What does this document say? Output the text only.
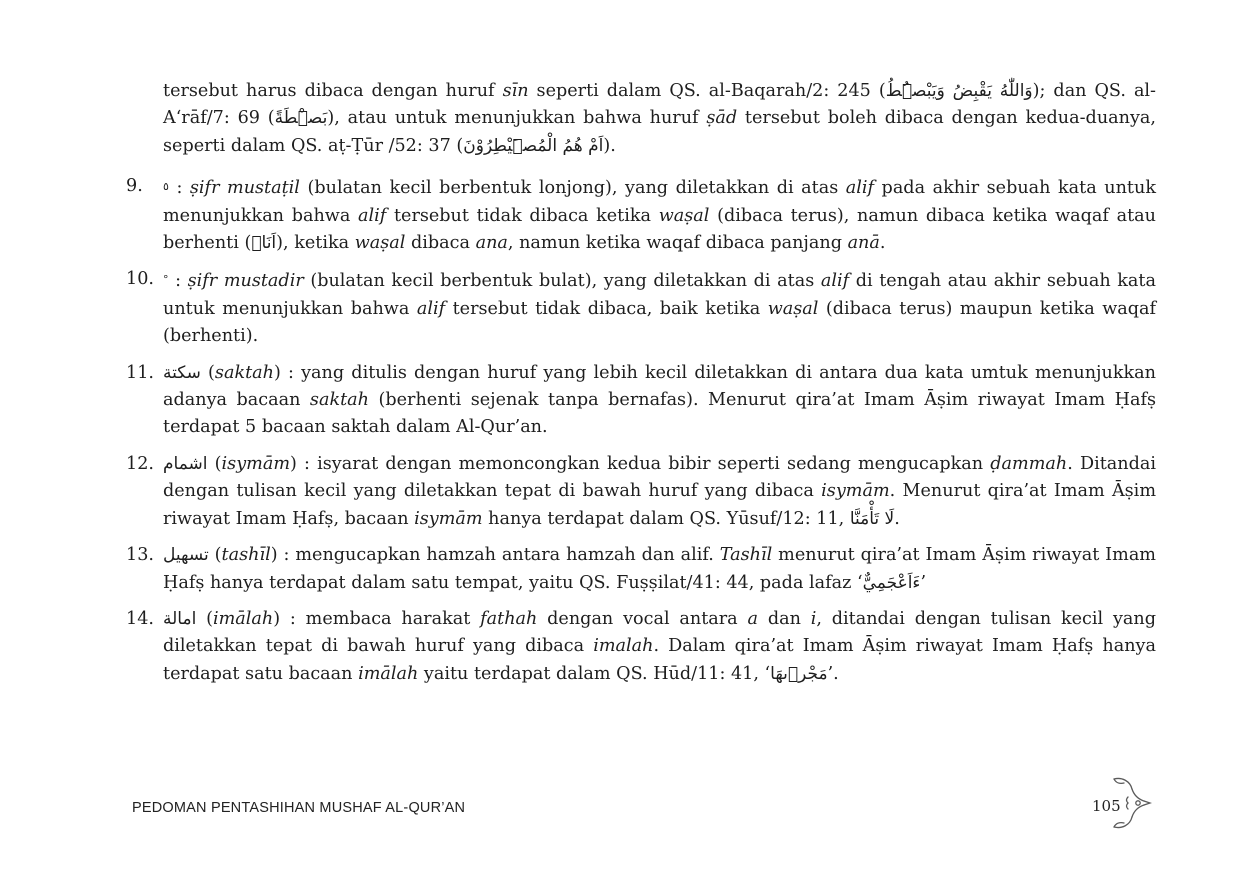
tersebut harus dibaca dengan huruf sīn seperti dalam QS. al-Baqarah/2: 245 (وَاللّٰهُ يَقْبِضُ وَيَبْصُۜطُ); dan QS. al-A‘rāf/7: 69 (بَصْۜطَةً), atau untuk menunjukkan bahwa huruf ṣād tersebut boleh dibaca dengan kedua-duanya, seperti dalam QS. aṭ-Ṭūr /52: 37 (اَمْ هُمُ الْمُصَۜيْطِرُوْنَ).

9.	٥ : ṣifr mustaṭil (bulatan kecil berbentuk lonjong), yang diletakkan di atas alif pada akhir sebuah kata untuk menunjukkan bahwa alif tersebut tidak dibaca ketika waṣal (dibaca terus), namun dibaca ketika waqaf atau berhenti (اَنَا۠), ketika waṣal dibaca ana, namun ketika waqaf dibaca panjang anā.

10. ° : ṣifr mustadir (bulatan kecil berbentuk bulat), yang diletakkan di atas alif di tengah atau akhir sebuah kata untuk menunjukkan bahwa alif tersebut tidak dibaca, baik ketika waṣal (dibaca terus) maupun ketika waqaf (berhenti).

11. سكتة (saktah) : yang ditulis dengan huruf yang lebih kecil diletakkan di antara dua kata umtuk menunjukkan adanya bacaan saktah (berhenti sejenak tanpa bernafas). Menurut qira’at Imam Āṣim riwayat Imam Ḥafṣ terdapat 5 bacaan saktah dalam Al-Qur’an.

12. اشمام (isymām) : isyarat dengan memoncongkan kedua bibir seperti sedang mengucapkan ḍammah. Ditandai dengan tulisan kecil yang diletakkan tepat di bawah huruf yang dibaca isymām. Menurut qira’at Imam Āṣim riwayat Imam Ḥafṣ, bacaan isymām hanya terdapat dalam QS. Yūsuf/12: 11, لَا تَأْمَنَّا.

13. تسهيل (tashīl) : mengucapkan hamzah antara hamzah dan alif. Tashīl menurut qira’at Imam Āṣim riwayat Imam Ḥafṣ hanya terdapat dalam satu tempat, yaitu QS. Fuṣṣilat/41: 44, pada lafaz ‘ءَاَعْجَمِيٌّ’

14. امالة (imālah) : membaca harakat fathah dengan vocal antara a dan i, ditandai dengan tulisan kecil yang diletakkan tepat di bawah huruf yang dibaca imalah. Dalam qira’at Imam Āṣim riwayat Imam Ḥafṣ hanya terdapat satu bacaan imālah yaitu terdapat dalam QS. Hūd/11: 41, ‘مَجْرٖىهَا’.

PEDOMAN PENTASHIHAN MUSHAF AL-QUR’AN	105
